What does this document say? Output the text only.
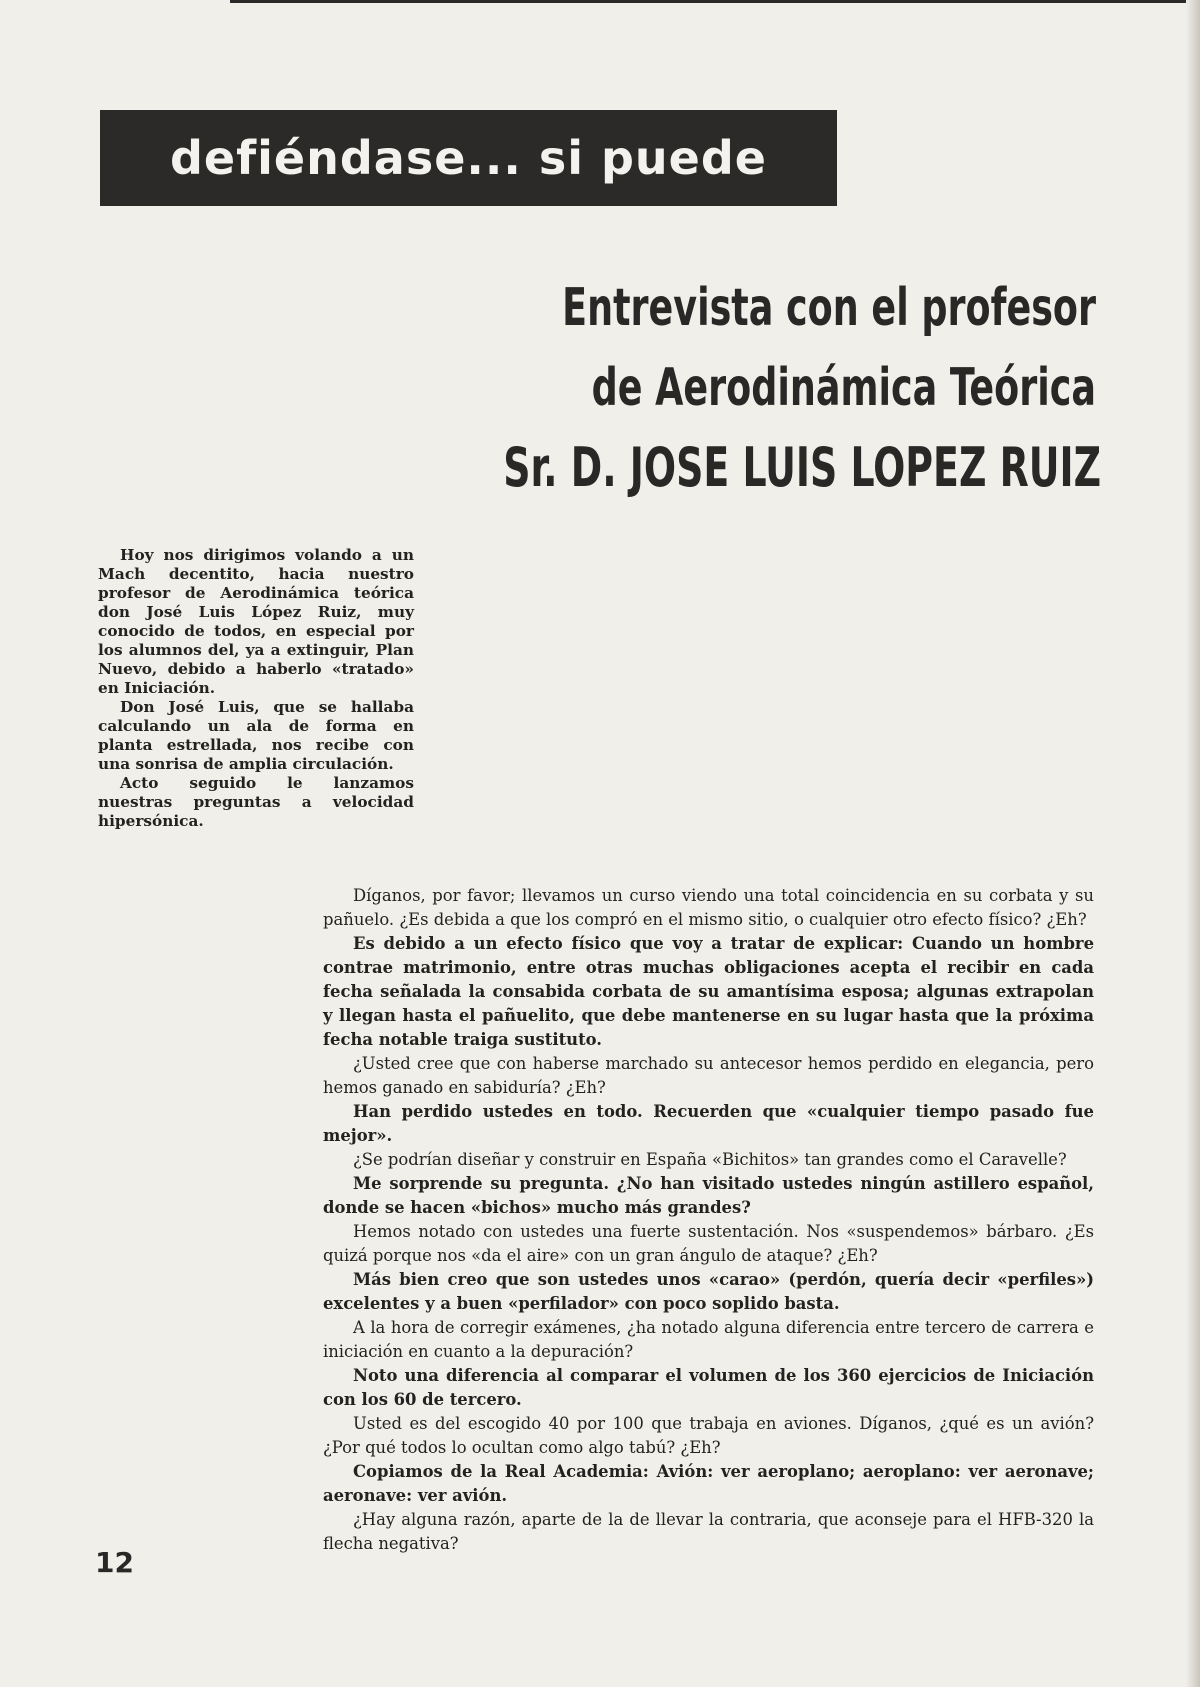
defiéndase... si puede
Entrevista con el profesor
de Aerodinámica Teórica
Sr. D. JOSE LUIS LOPEZ RUIZ

Hoy nos dirigimos volando a un Mach decentito, hacia nuestro profesor de Aerodinámica teórica don José Luis López Ruiz, muy conocido de todos, en especial por los alumnos del, ya a extinguir, Plan Nuevo, debido a haberlo «tratado» en Iniciación.

Don José Luis, que se hallaba calculando un ala de forma en planta estrellada, nos recibe con una sonrisa de amplia circulación.

Acto seguido le lanzamos nuestras preguntas a velocidad hipersónica.

Díganos, por favor; llevamos un curso viendo una total coincidencia en su corbata y su pañuelo. ¿Es debida a que los compró en el mismo sitio, o cualquier otro efecto físico? ¿Eh?

Es debido a un efecto físico que voy a tratar de explicar: Cuando un hombre contrae matrimonio, entre otras muchas obligaciones acepta el recibir en cada fecha señalada la consabida corbata de su amantísima esposa; algunas extrapolan y llegan hasta el pañuelito, que debe mantenerse en su lugar hasta que la próxima fecha notable traiga sustituto.

¿Usted cree que con haberse marchado su antecesor hemos perdido en elegancia, pero hemos ganado en sabiduría? ¿Eh?

Han perdido ustedes en todo. Recuerden que «cualquier tiempo pasado fue mejor».

¿Se podrían diseñar y construir en España «Bichitos» tan grandes como el Caravelle?

Me sorprende su pregunta. ¿No han visitado ustedes ningún astillero español, donde se hacen «bichos» mucho más grandes?

Hemos notado con ustedes una fuerte sustentación. Nos «suspendemos» bárbaro. ¿Es quizá porque nos «da el aire» con un gran ángulo de ataque? ¿Eh?

Más bien creo que son ustedes unos «carao» (perdón, quería decir «perfiles») excelentes y a buen «perfilador» con poco soplido basta.

A la hora de corregir exámenes, ¿ha notado alguna diferencia entre tercero de carrera e iniciación en cuanto a la depuración?

Noto una diferencia al comparar el volumen de los 360 ejercicios de Iniciación con los 60 de tercero.

Usted es del escogido 40 por 100 que trabaja en aviones. Díganos, ¿qué es un avión? ¿Por qué todos lo ocultan como algo tabú? ¿Eh?

Copiamos de la Real Academia: Avión: ver aeroplano; aeroplano: ver aeronave; aeronave: ver avión.

¿Hay alguna razón, aparte de la de llevar la contraria, que aconseje para el HFB-320 la flecha negativa?

12
